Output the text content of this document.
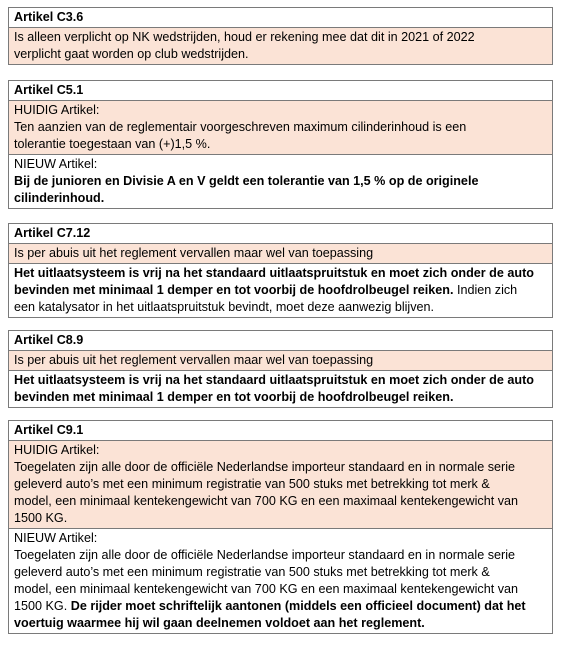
Artikel C3.6

Is alleen verplicht op NK wedstrijden, houd er rekening mee dat dit in 2021 of 2022

verplicht gaat worden op club wedstrijden.

Artikel C5.1

HUIDIG Artikel:

Ten aanzien van de reglementair voorgeschreven maximum cilinderinhoud is een

tolerantie toegestaan van (+)1,5 %.

NIEUW Artikel:

Bij de junioren en Divisie A en V geldt een tolerantie van 1,5 % op de originele

cilinderinhoud.

Artikel C7.12

Is per abuis uit het reglement vervallen maar wel van toepassing

Het uitlaatsysteem is vrij na het standaard uitlaatspruitstuk en moet zich onder de auto

bevinden met minimaal 1 demper en tot voorbij de hoofdrolbeugel reiken. Indien zich

een katalysator in het uitlaatspruitstuk bevindt, moet deze aanwezig blijven.

Artikel C8.9

Is per abuis uit het reglement vervallen maar wel van toepassing

Het uitlaatsysteem is vrij na het standaard uitlaatspruitstuk en moet zich onder de auto

bevinden met minimaal 1 demper en tot voorbij de hoofdrolbeugel reiken.

Artikel C9.1

HUIDIG Artikel:

Toegelaten zijn alle door de officiële Nederlandse importeur standaard en in normale serie

geleverd auto’s met een minimum registratie van 500 stuks met betrekking tot merk &

model, een minimaal kentekengewicht van 700 KG en een maximaal kentekengewicht van

1500 KG.

NIEUW Artikel:

Toegelaten zijn alle door de officiële Nederlandse importeur standaard en in normale serie

geleverd auto’s met een minimum registratie van 500 stuks met betrekking tot merk &

model, een minimaal kentekengewicht van 700 KG en een maximaal kentekengewicht van

1500 KG. De rijder moet schriftelijk aantonen (middels een officieel document) dat het

voertuig waarmee hij wil gaan deelnemen voldoet aan het reglement.
